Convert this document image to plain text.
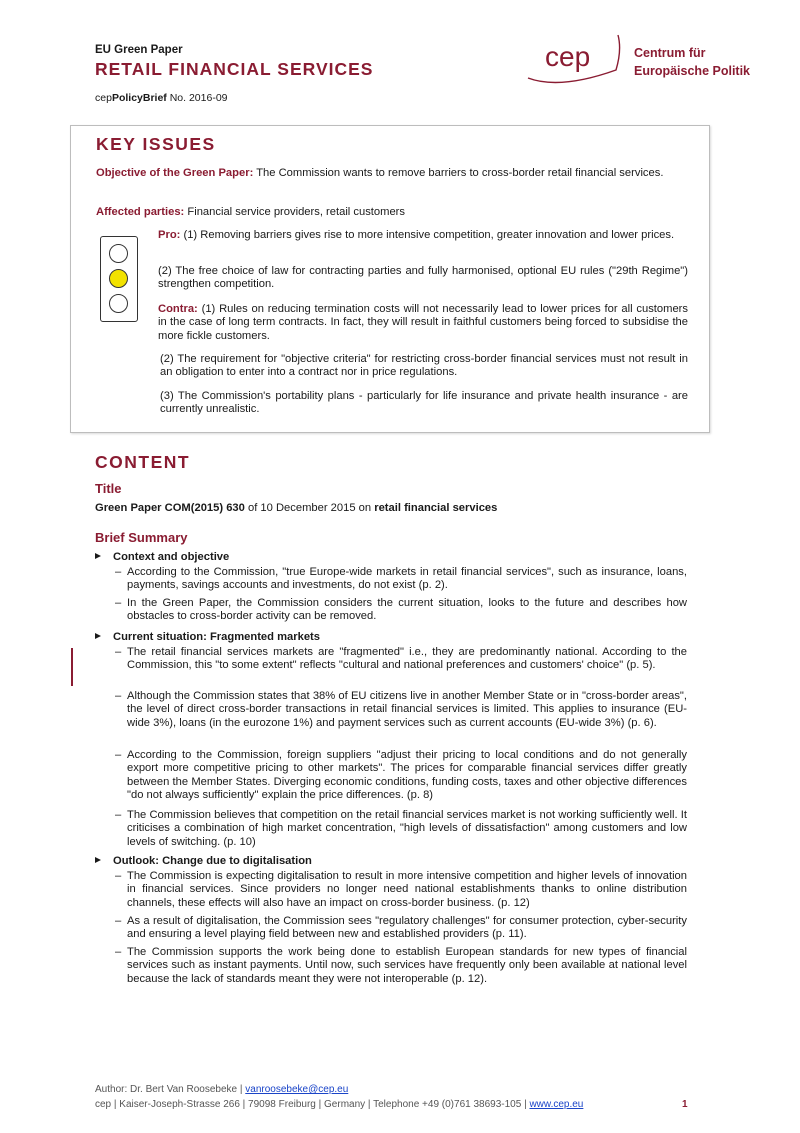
EU Green Paper
RETAIL FINANCIAL SERVICES
cepPolicyBrief No. 2016-09
cep	Centrum für
Europäische Politik
KEY ISSUES
Objective of the Green Paper: The Commission wants to remove barriers to cross-border retail financial services.
Affected parties: Financial service providers, retail customers
Pro: (1) Removing barriers gives rise to more intensive competition, greater innovation and lower prices.
(2) The free choice of law for contracting parties and fully harmonised, optional EU rules ("29th Regime") strengthen competition.
Contra: (1) Rules on reducing termination costs will not necessarily lead to lower prices for all customers in the case of long term contracts. In fact, they will result in faithful customers being forced to subsidise the more fickle customers.
(2) The requirement for "objective criteria" for restricting cross-border financial services must not result in an obligation to enter into a contract nor in price regulations.
(3) The Commission's portability plans - particularly for life insurance and private health insurance - are currently unrealistic.
CONTENT
Title
Green Paper COM(2015) 630 of 10 December 2015 on retail financial services
Brief Summary
Context and objective
– According to the Commission, "true Europe-wide markets in retail financial services", such as insurance, loans, payments, savings accounts and investments, do not exist (p. 2).
– In the Green Paper, the Commission considers the current situation, looks to the future and describes how obstacles to cross-border activity can be removed.
Current situation: Fragmented markets
– The retail financial services markets are "fragmented" i.e., they are predominantly national. According to the Commission, this "to some extent" reflects "cultural and national preferences and customers' choice" (p. 5).
– Although the Commission states that 38% of EU citizens live in another Member State or in "cross-border areas", the level of direct cross-border transactions in retail financial services is limited. This applies to insurance (EU-wide 3%), loans (in the eurozone 1%) and payment services such as current accounts (EU-wide 3%) (p. 6).
– According to the Commission, foreign suppliers "adjust their pricing to local conditions and do not generally export more competitive pricing to other markets". The prices for comparable financial services differ greatly between the Member States. Diverging economic conditions, funding costs, taxes and other objective differences "do not always sufficiently" explain the price differences. (p. 8)
– The Commission believes that competition on the retail financial services market is not working sufficiently well. It criticises a combination of high market concentration, "high levels of dissatisfaction" among customers and low levels of switching. (p. 10)
Outlook: Change due to digitalisation
– The Commission is expecting digitalisation to result in more intensive competition and higher levels of innovation in financial services. Since providers no longer need national establishments thanks to online distribution channels, these effects will also have an impact on cross-border business. (p. 12)
– As a result of digitalisation, the Commission sees "regulatory challenges" for consumer protection, cyber-security and ensuring a level playing field between new and established providers (p. 11).
– The Commission supports the work being done to establish European standards for new types of financial services such as instant payments. Until now, such services have frequently only been available at national level because the lack of standards meant they were not interoperable (p. 12).
Author: Dr. Bert Van Roosebeke | vanroosebeke@cep.eu
cep | Kaiser-Joseph-Strasse 266 | 79098 Freiburg | Germany | Telephone +49 (0)761 38693-105 | www.cep.eu	1
